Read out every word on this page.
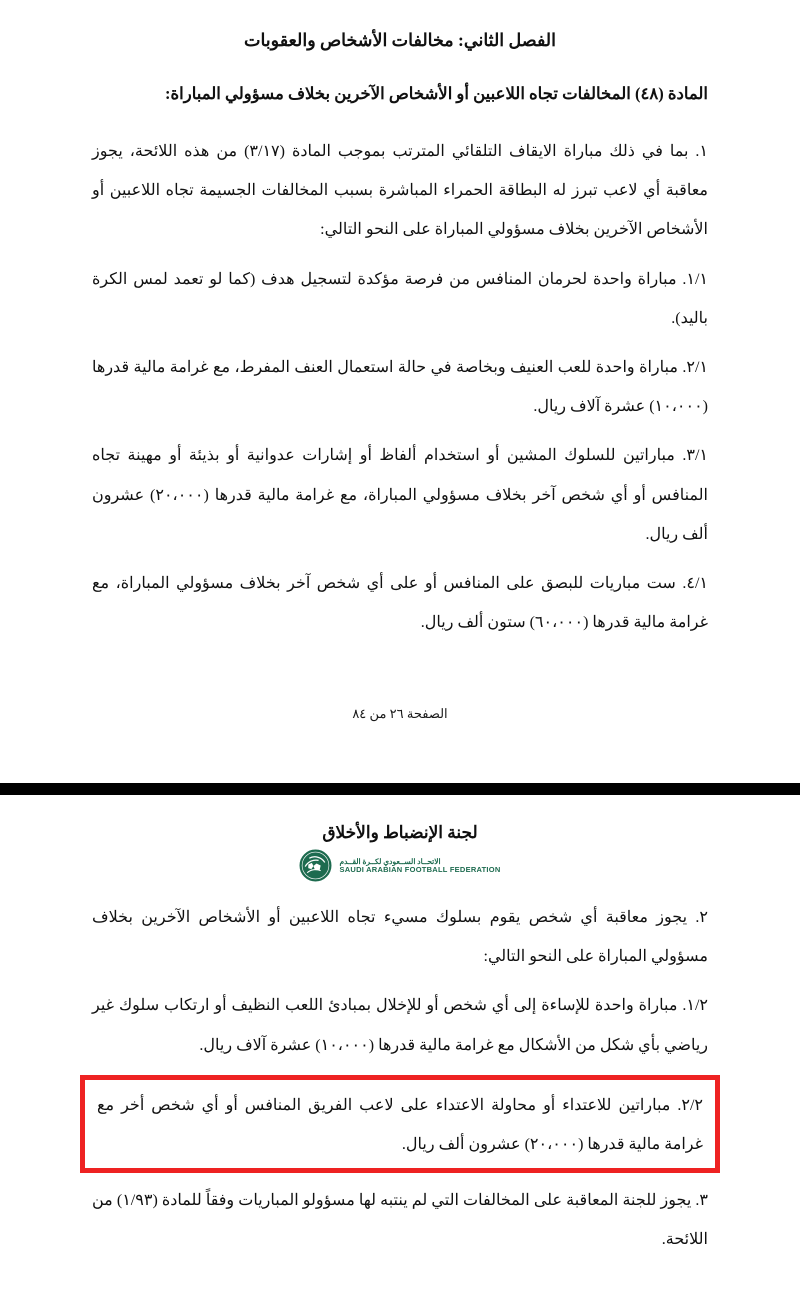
الفصل الثاني: مخالفات الأشخاص والعقوبات

المادة (٤٨) المخالفات تجاه اللاعبين أو الأشخاص الآخرين بخلاف مسؤولي المباراة:

١. بما في ذلك مباراة الايقاف التلقائي المترتب بموجب المادة (٣/١٧) من هذه اللائحة، يجوز معاقبة أي لاعب تبرز له البطاقة الحمراء المباشرة بسبب المخالفات الجسيمة تجاه اللاعبين أو الأشخاص الآخرين بخلاف مسؤولي المباراة على النحو التالي:

١/١. مباراة واحدة لحرمان المنافس من فرصة مؤكدة لتسجيل هدف (كما لو تعمد لمس الكرة باليد).

٢/١. مباراة واحدة للعب العنيف وبخاصة في حالة استعمال العنف المفرط، مع غرامة مالية قدرها (١٠،٠٠٠) عشرة آلاف ريال.

٣/١. مباراتين للسلوك المشين أو استخدام ألفاظ أو إشارات عدوانية أو بذيئة أو مهينة تجاه المنافس أو أي شخص آخر بخلاف مسؤولي المباراة، مع غرامة مالية قدرها (٢٠،٠٠٠) عشرون ألف ريال.

٤/١. ست مباريات للبصق على المنافس أو على أي شخص آخر بخلاف مسؤولي المباراة، مع غرامة مالية قدرها (٦٠،٠٠٠) ستون ألف ريال.

الصفحة ٢٦ من ٨٤
لجنة الإنضباط والأخلاق
الاتحــاد الســعودي لكــرة القــدم
SAUDI ARABIAN FOOTBALL FEDERATION

٢. يجوز معاقبة أي شخص يقوم بسلوك مسيء تجاه اللاعبين أو الأشخاص الآخرين بخلاف مسؤولي المباراة على النحو التالي:

١/٢. مباراة واحدة للإساءة إلى أي شخص أو للإخلال بمبادئ اللعب النظيف أو ارتكاب سلوك غير رياضي بأي شكل من الأشكال مع غرامة مالية قدرها (١٠،٠٠٠) عشرة آلاف ريال.

٢/٢. مباراتين للاعتداء أو محاولة الاعتداء على لاعب الفريق المنافس أو أي شخص أخر مع غرامة مالية قدرها (٢٠،٠٠٠) عشرون ألف ريال.

٣. يجوز للجنة المعاقبة على المخالفات التي لم ينتبه لها مسؤولو المباريات وفقاً للمادة (١/٩٣) من اللائحة.
